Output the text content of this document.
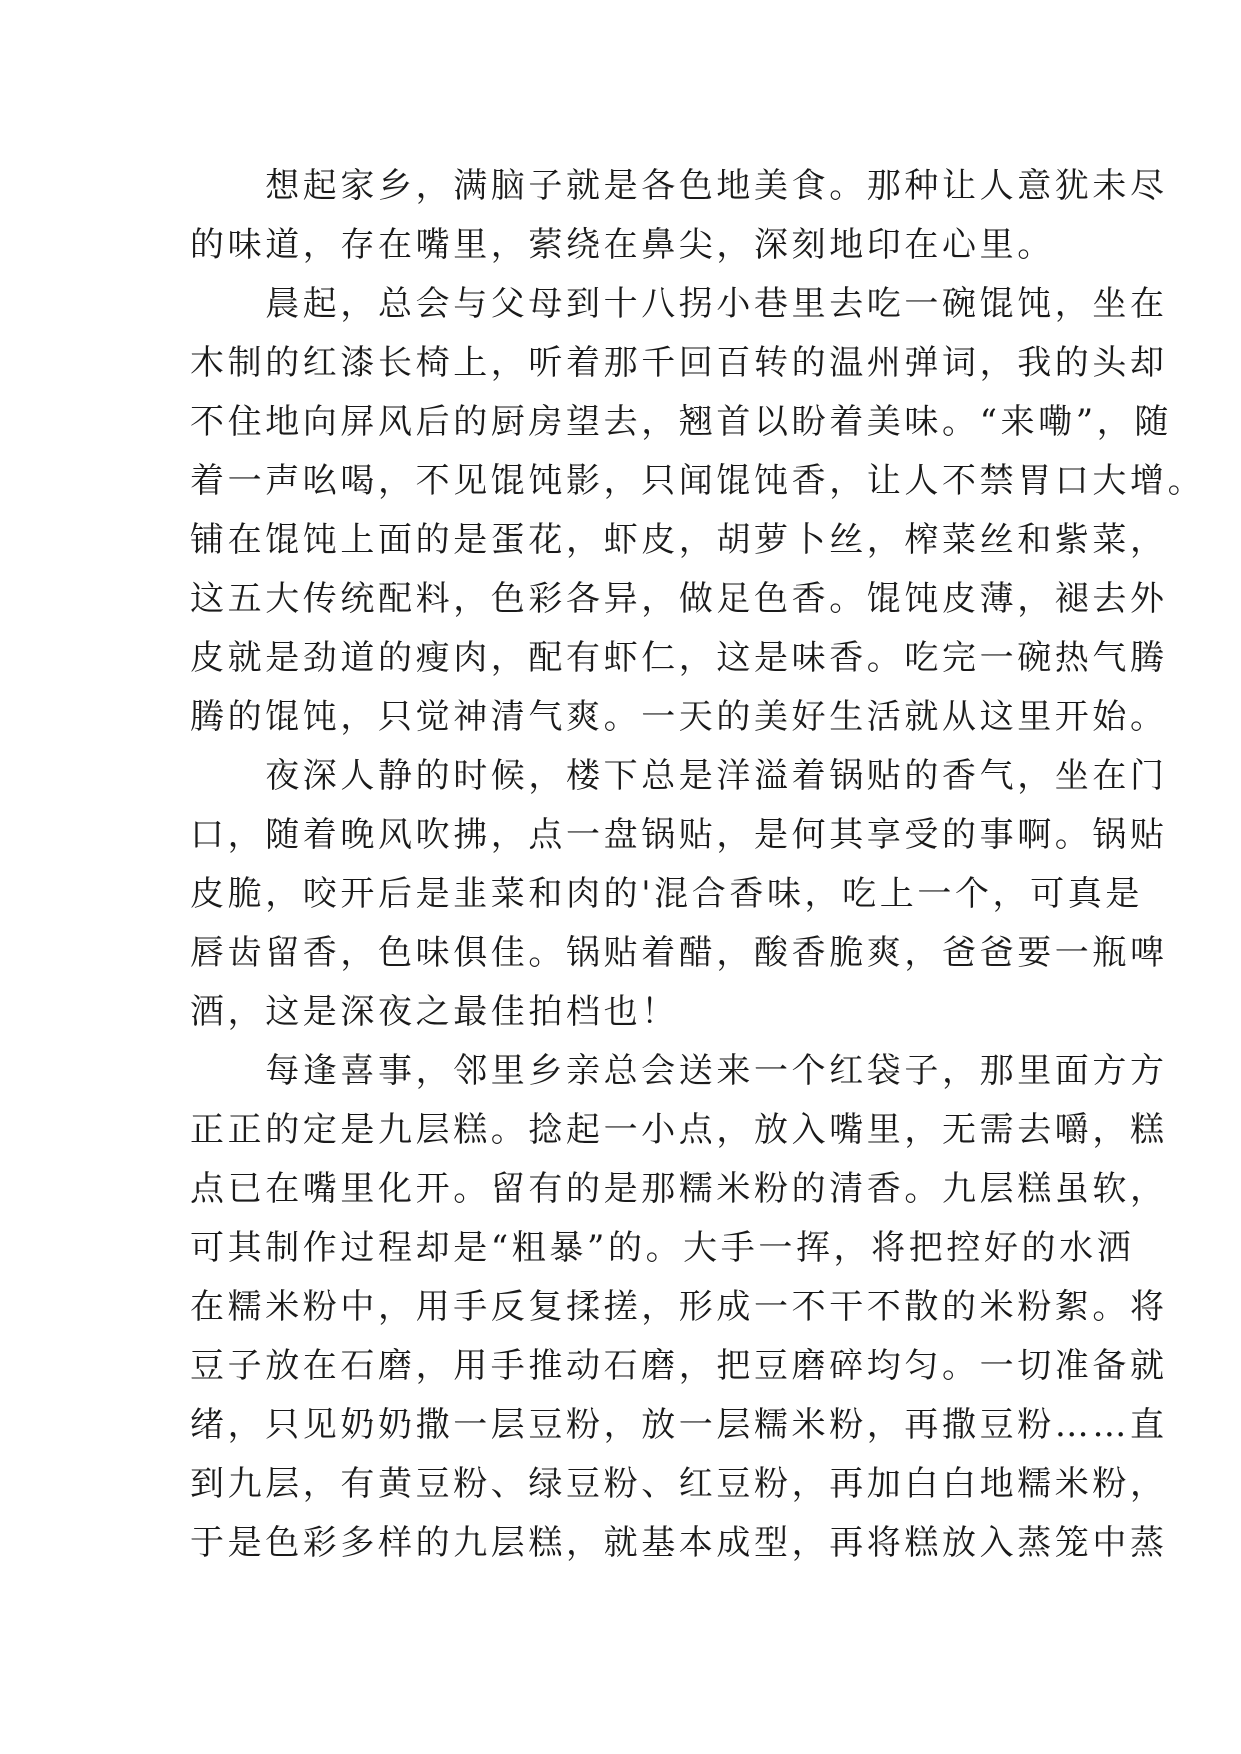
　　想起家乡，满脑子就是各色地美食。那种让人意犹未尽
的味道，存在嘴里，萦绕在鼻尖，深刻地印在心里。
　　晨起，总会与父母到十八拐小巷里去吃一碗馄饨，坐在
木制的红漆长椅上，听着那千回百转的温州弹词，我的头却
不住地向屏风后的厨房望去，翘首以盼着美味。“来嘞”，随
着一声吆喝，不见馄饨影，只闻馄饨香，让人不禁胃口大增。
铺在馄饨上面的是蛋花，虾皮，胡萝卜丝，榨菜丝和紫菜，
这五大传统配料，色彩各异，做足色香。馄饨皮薄，褪去外
皮就是劲道的瘦肉，配有虾仁，这是味香。吃完一碗热气腾
腾的馄饨，只觉神清气爽。一天的美好生活就从这里开始。
　　夜深人静的时候，楼下总是洋溢着锅贴的香气，坐在门
口，随着晚风吹拂，点一盘锅贴，是何其享受的事啊。锅贴
皮脆，咬开后是韭菜和肉的'混合香味，吃上一个，可真是
唇齿留香，色味俱佳。锅贴着醋，酸香脆爽，爸爸要一瓶啤
酒，这是深夜之最佳拍档也！
　　每逢喜事，邻里乡亲总会送来一个红袋子，那里面方方
正正的定是九层糕。捻起一小点，放入嘴里，无需去嚼，糕
点已在嘴里化开。留有的是那糯米粉的清香。九层糕虽软，
可其制作过程却是“粗暴”的。大手一挥，将把控好的水洒
在糯米粉中，用手反复揉搓，形成一不干不散的米粉絮。将
豆子放在石磨，用手推动石磨，把豆磨碎均匀。一切准备就
绪，只见奶奶撒一层豆粉，放一层糯米粉，再撒豆粉……直
到九层，有黄豆粉、绿豆粉、红豆粉，再加白白地糯米粉，
于是色彩多样的九层糕，就基本成型，再将糕放入蒸笼中蒸
